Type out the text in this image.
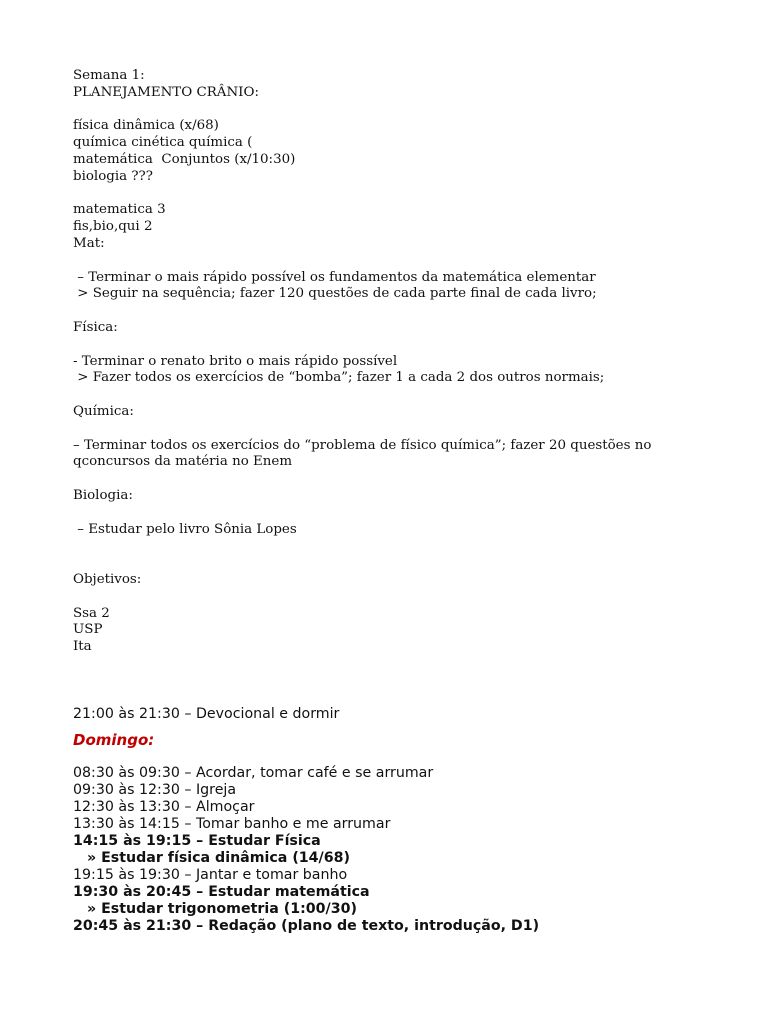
Semana 1:
PLANEJAMENTO CRÂNIO:
física dinâmica (x/68)
química cinética química (
matemática  Conjuntos (x/10:30)
biologia ???
matematica 3
fis,bio,qui 2
Mat:
– Terminar o mais rápido possível os fundamentos da matemática elementar
> Seguir na sequência; fazer 120 questões de cada parte final de cada livro;
Física:
- Terminar o renato brito o mais rápido possível
> Fazer todos os exercícios de “bomba”; fazer 1 a cada 2 dos outros normais;
Química:
– Terminar todos os exercícios do “problema de físico química”; fazer 20 questões no qconcursos da matéria no Enem
Biologia:
– Estudar pelo livro Sônia Lopes
Objetivos:
Ssa 2
USP
Ita
21:00 às 21:30 – Devocional e dormir
Domingo:
08:30 às 09:30 – Acordar, tomar café e se arrumar
09:30 às 12:30 – Igreja
12:30 às 13:30 – Almoçar
13:30 às 14:15 – Tomar banho e me arrumar
14:15 às 19:15 – Estudar Física
» Estudar física dinâmica (14/68)
19:15 às 19:30 – Jantar e tomar banho
19:30 às 20:45 – Estudar matemática
» Estudar trigonometria (1:00/30)
20:45 às 21:30 – Redação (plano de texto, introdução, D1)
